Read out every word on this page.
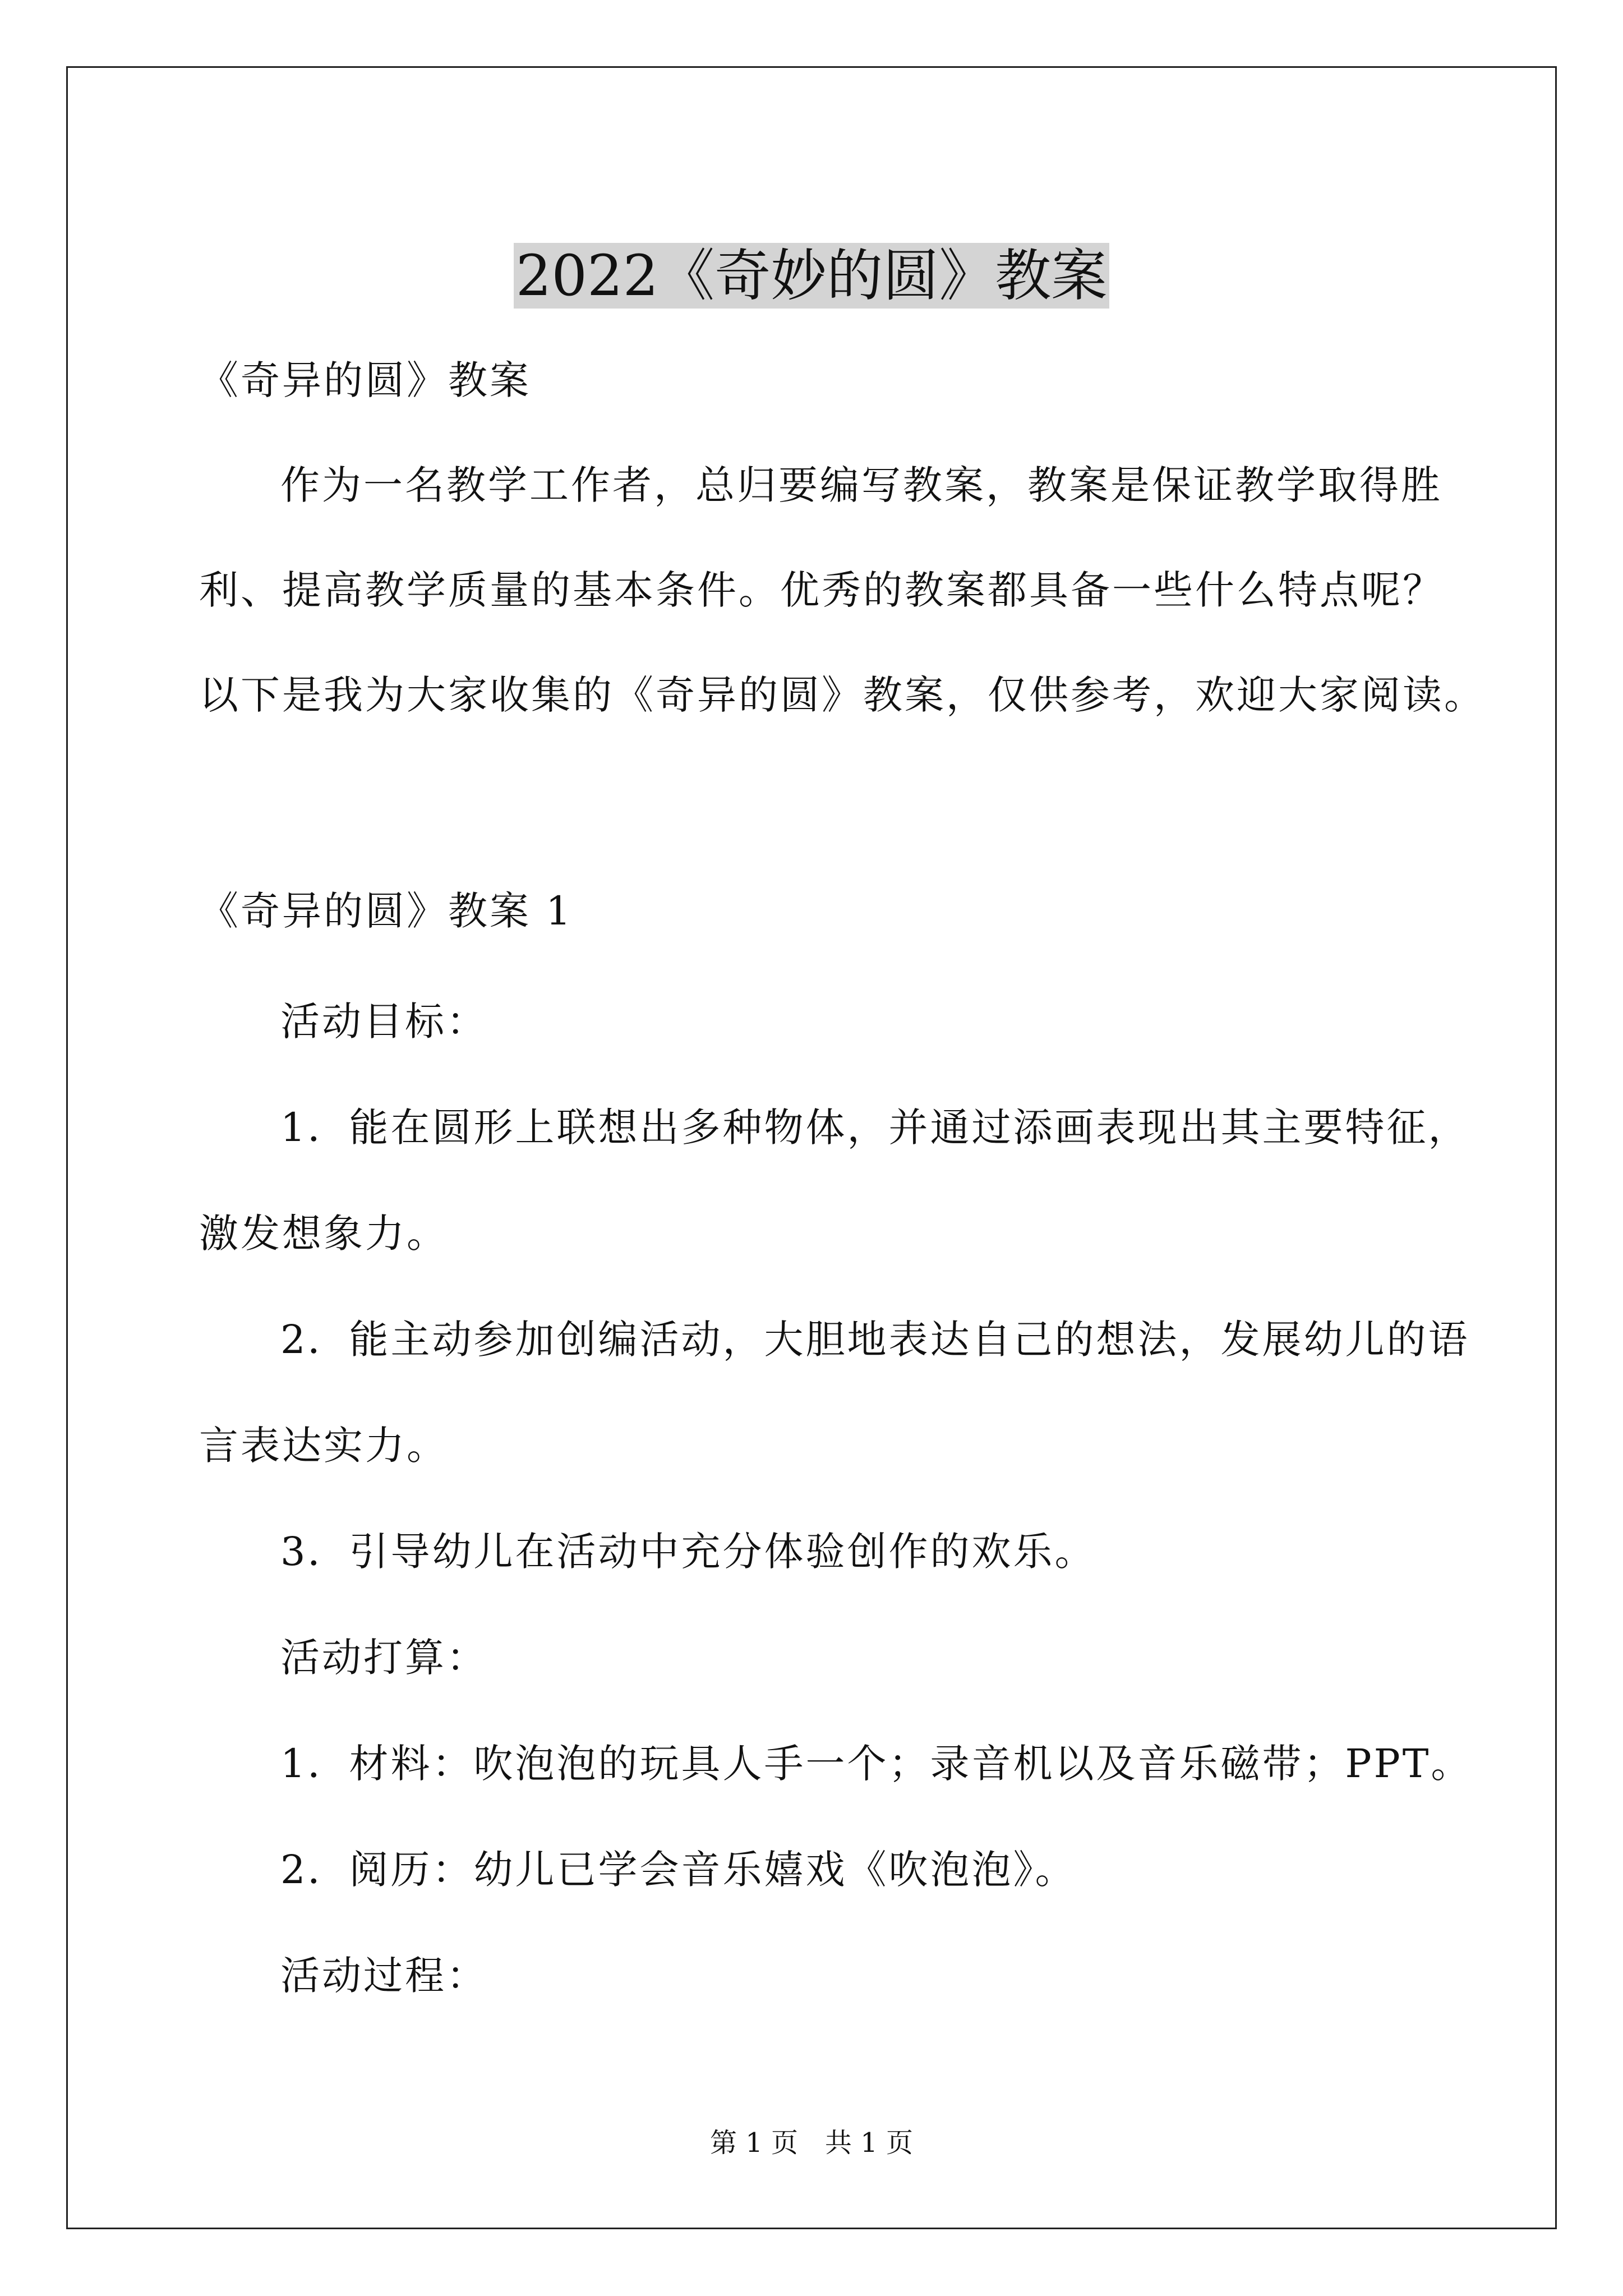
2022《奇妙的圆》教案
《奇异的圆》教案
作为一名教学工作者，总归要编写教案，教案是保证教学取得胜
利、提高教学质量的基本条件。优秀的教案都具备一些什么特点呢？
以下是我为大家收集的《奇异的圆》教案，仅供参考，欢迎大家阅读。
《奇异的圆》教案 1
活动目标：
1．能在圆形上联想出多种物体，并通过添画表现出其主要特征，
激发想象力。
2．能主动参加创编活动，大胆地表达自己的想法，发展幼儿的语
言表达实力。
3．引导幼儿在活动中充分体验创作的欢乐。
活动打算：
1．材料：吹泡泡的玩具人手一个；录音机以及音乐磁带；PPT。
2．阅历：幼儿已学会音乐嬉戏《吹泡泡》。
活动过程：
第 1 页　共 1 页
